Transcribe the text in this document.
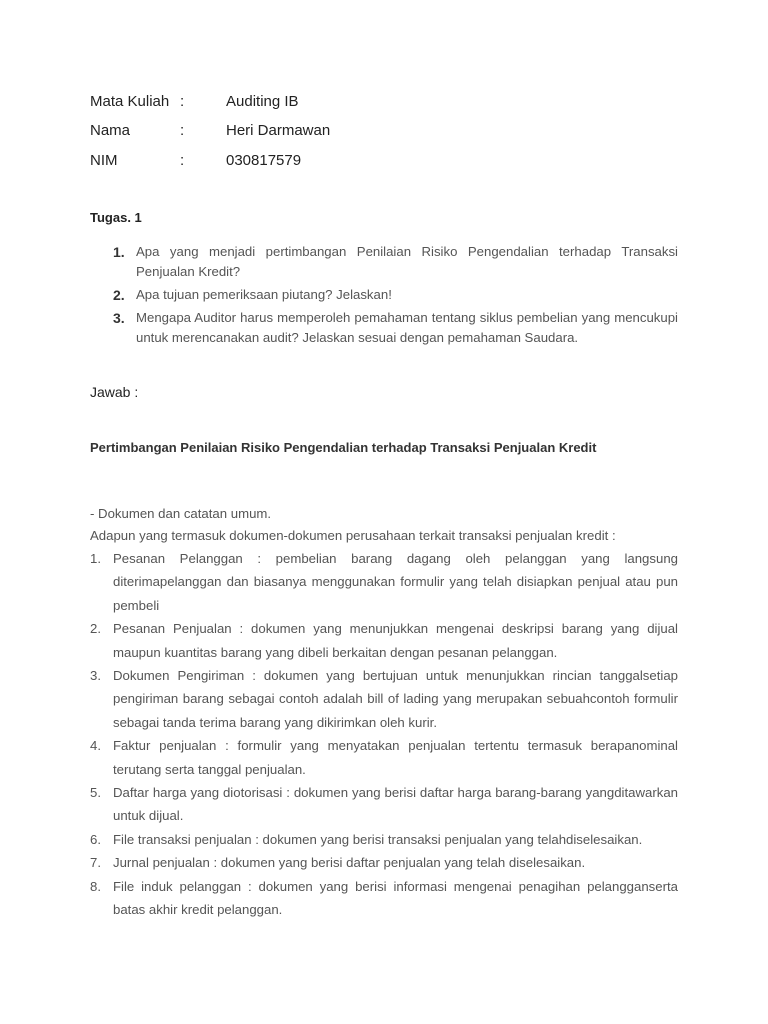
Mata Kuliah :	Auditing IB
Nama	:	Heri Darmawan
NIM	:	030817579
Tugas. 1
1. Apa yang menjadi pertimbangan Penilaian Risiko Pengendalian terhadap Transaksi Penjualan Kredit?
2. Apa tujuan pemeriksaan piutang? Jelaskan!
3. Mengapa Auditor harus memperoleh pemahaman tentang siklus pembelian yang mencukupi untuk merencanakan audit? Jelaskan sesuai dengan pemahaman Saudara.
Jawab :
Pertimbangan Penilaian Risiko Pengendalian terhadap Transaksi Penjualan Kredit
- Dokumen dan catatan umum.
Adapun yang termasuk dokumen-dokumen perusahaan terkait transaksi penjualan kredit :
1. Pesanan Pelanggan : pembelian barang dagang oleh pelanggan yang langsung diterimapelanggan dan biasanya menggunakan formulir yang telah disiapkan penjual atau pun pembeli
2. Pesanan Penjualan : dokumen yang menunjukkan mengenai deskripsi barang yang dijual maupun kuantitas barang yang dibeli berkaitan dengan pesanan pelanggan.
3. Dokumen Pengiriman : dokumen yang bertujuan untuk menunjukkan rincian tanggalsetiap pengiriman barang sebagai contoh adalah bill of lading yang merupakan sebuahcontoh formulir sebagai tanda terima barang yang dikirimkan oleh kurir.
4. Faktur penjualan : formulir yang menyatakan penjualan tertentu termasuk berapanominal terutang serta tanggal penjualan.
5. Daftar harga yang diotorisasi : dokumen yang berisi daftar harga barang-barang yangditawarkan untuk dijual.
6. File transaksi penjualan : dokumen yang berisi transaksi penjualan yang telahdiselesaikan.
7. Jurnal penjualan : dokumen yang berisi daftar penjualan yang telah diselesaikan.
8. File induk pelanggan : dokumen yang berisi informasi mengenai penagihan pelangganserta batas akhir kredit pelanggan.
